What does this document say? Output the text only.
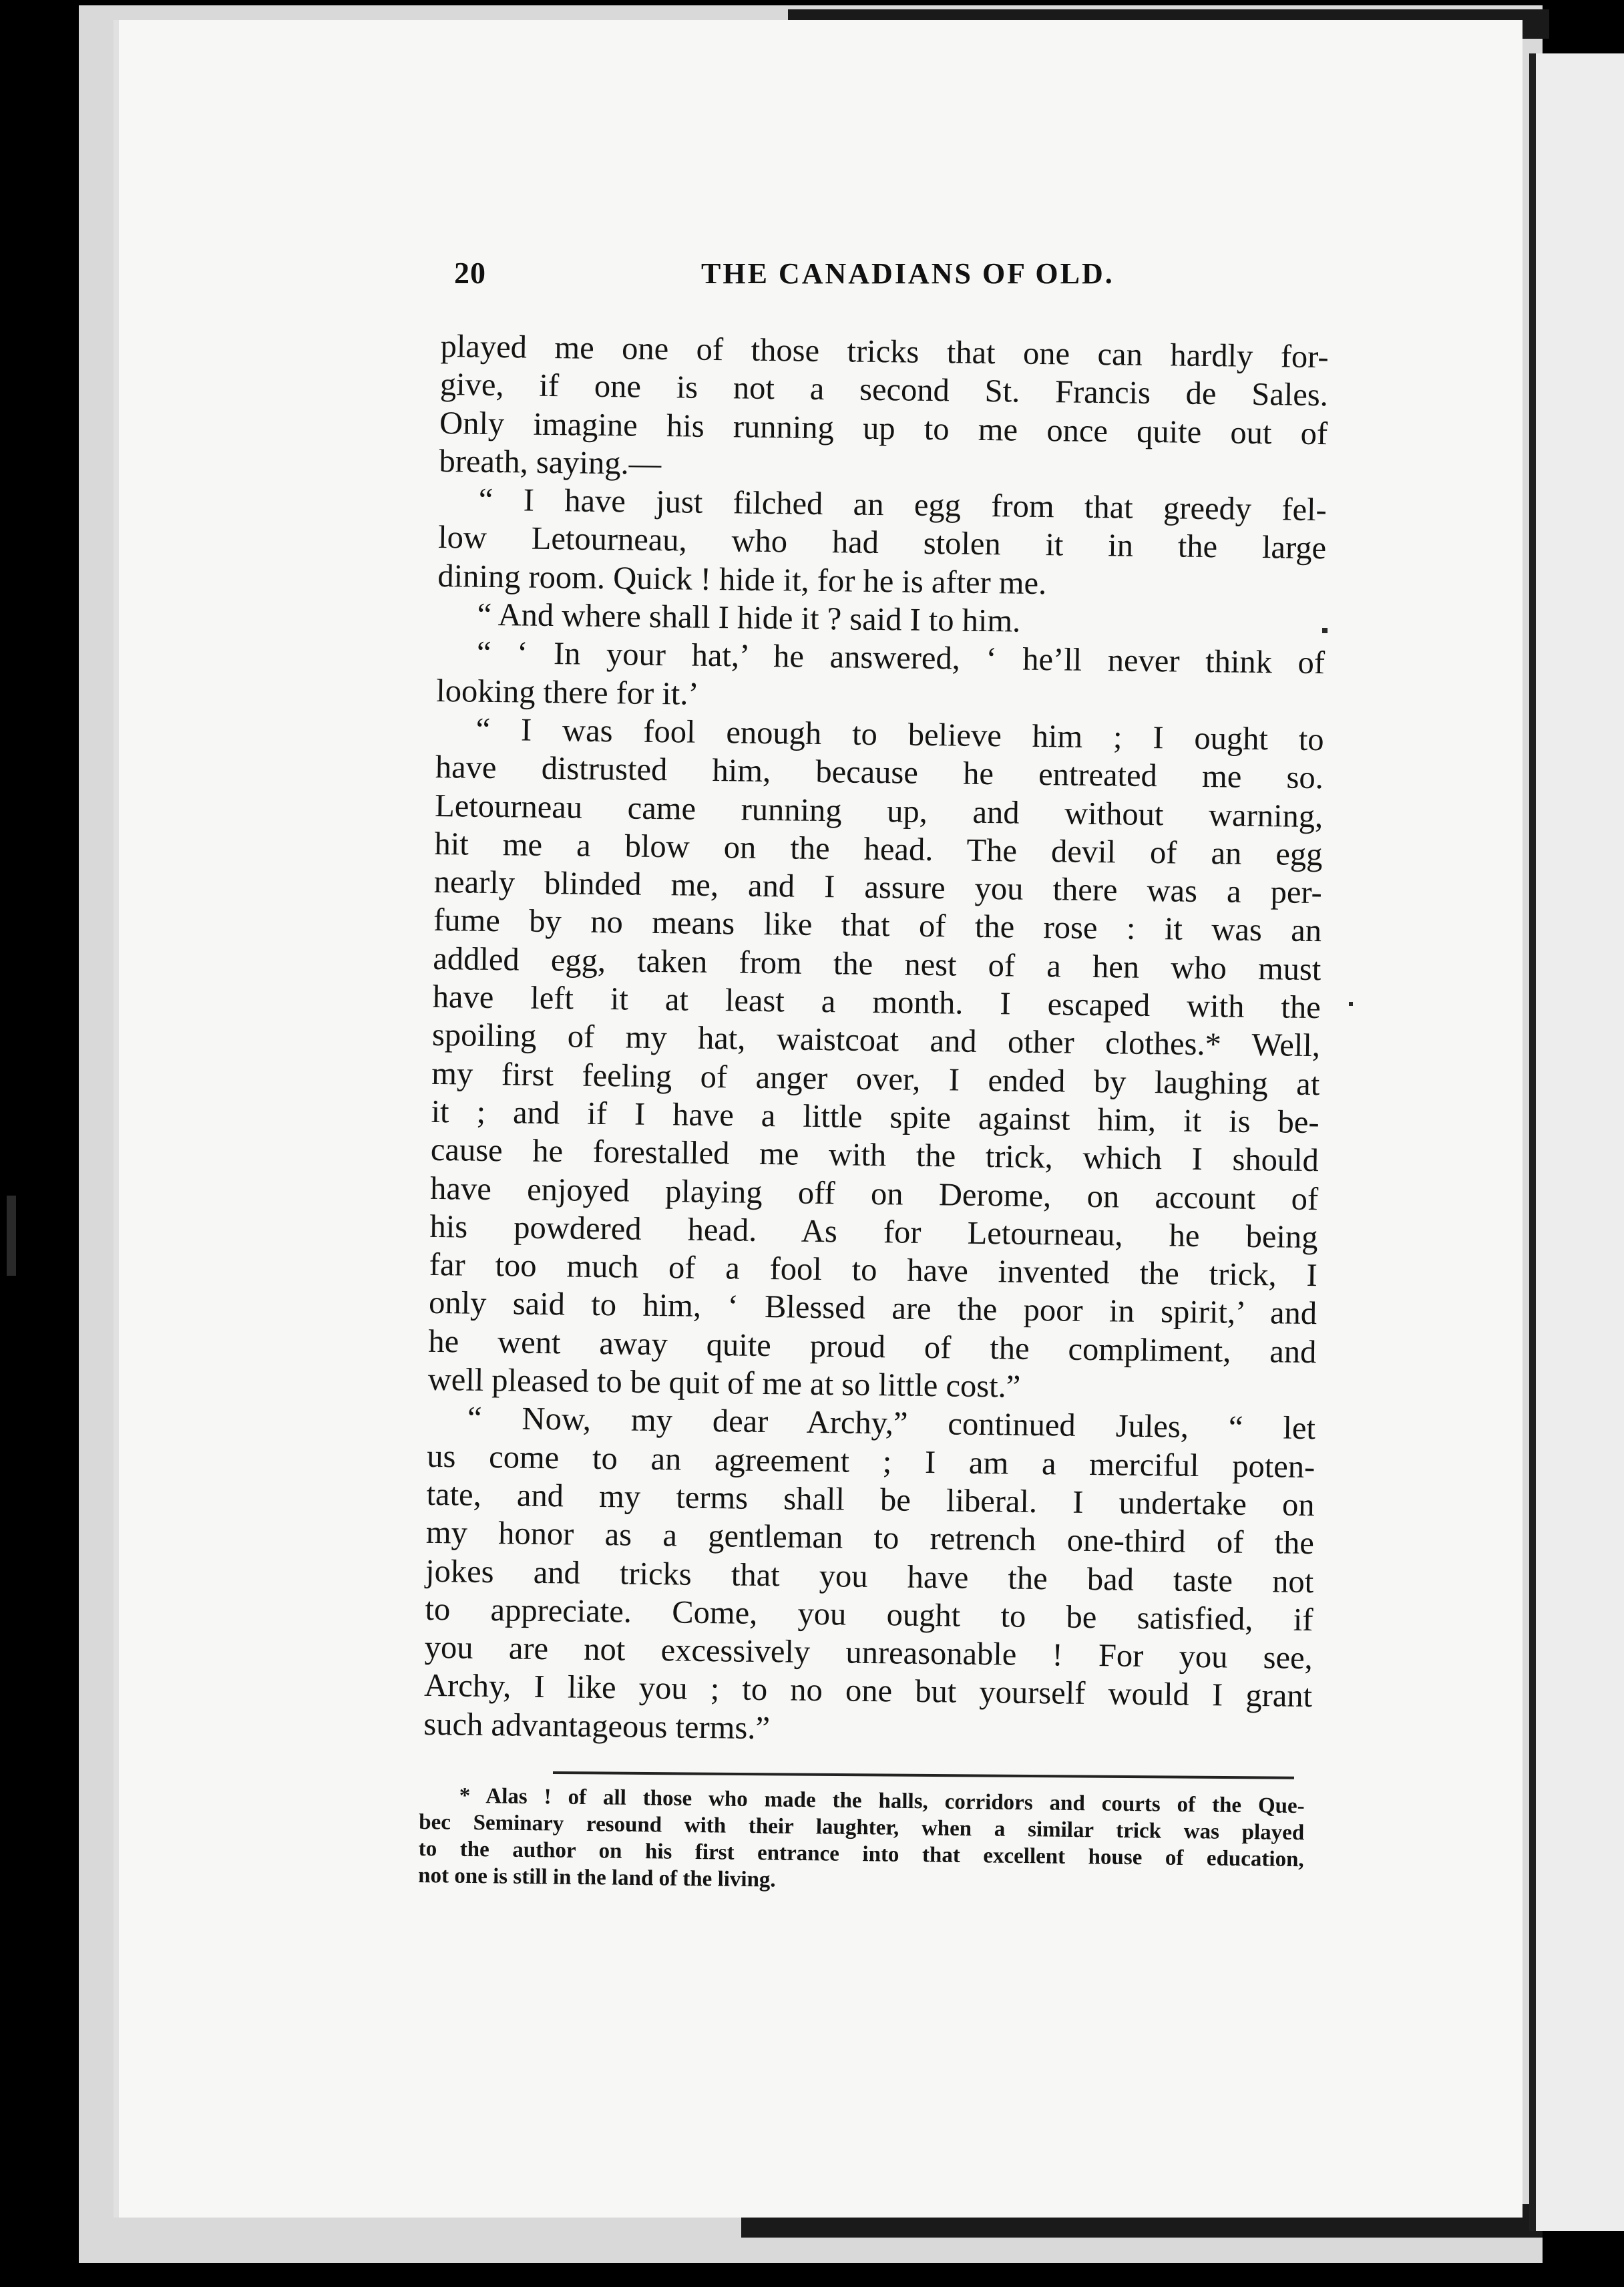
20	THE CANADIANS OF OLD.
played me one of those tricks that one can hardly for-
give, if one is not a second St. Francis de Sales.
Only imagine his running up to me once quite out of
breath, saying.—
“ I have just filched an egg from that greedy fel-
low Letourneau, who had stolen it in the large
dining room. Quick ! hide it, for he is after me.
“ And where shall I hide it ? said I to him.
“ ‘ In your hat,’ he answered, ‘ he’ll never think of
looking there for it.’
“ I was fool enough to believe him ; I ought to
have distrusted him, because he entreated me so.
Letourneau came running up, and without warning,
hit me a blow on the head. The devil of an egg
nearly blinded me, and I assure you there was a per-
fume by no means like that of the rose : it was an
addled egg, taken from the nest of a hen who must
have left it at least a month. I escaped with the
spoiling of my hat, waistcoat and other clothes.* Well,
my first feeling of anger over, I ended by laughing at
it ; and if I have a little spite against him, it is be-
cause he forestalled me with the trick, which I should
have enjoyed playing off on Derome, on account of
his powdered head. As for Letourneau, he being
far too much of a fool to have invented the trick, I
only said to him, ‘ Blessed are the poor in spirit,’ and
he went away quite proud of the compliment, and
well pleased to be quit of me at so little cost.”
“ Now, my dear Archy,” continued Jules, “ let
us come to an agreement ; I am a merciful poten-
tate, and my terms shall be liberal. I undertake on
my honor as a gentleman to retrench one-third of the
jokes and tricks that you have the bad taste not
to appreciate. Come, you ought to be satisfied, if
you are not excessively unreasonable ! For you see,
Archy, I like you ; to no one but yourself would I grant
such advantageous terms.”
* Alas ! of all those who made the halls, corridors and courts of the Que-
bec Seminary resound with their laughter, when a similar trick was played
to the author on his first entrance into that excellent house of education,
not one is still in the land of the living.
